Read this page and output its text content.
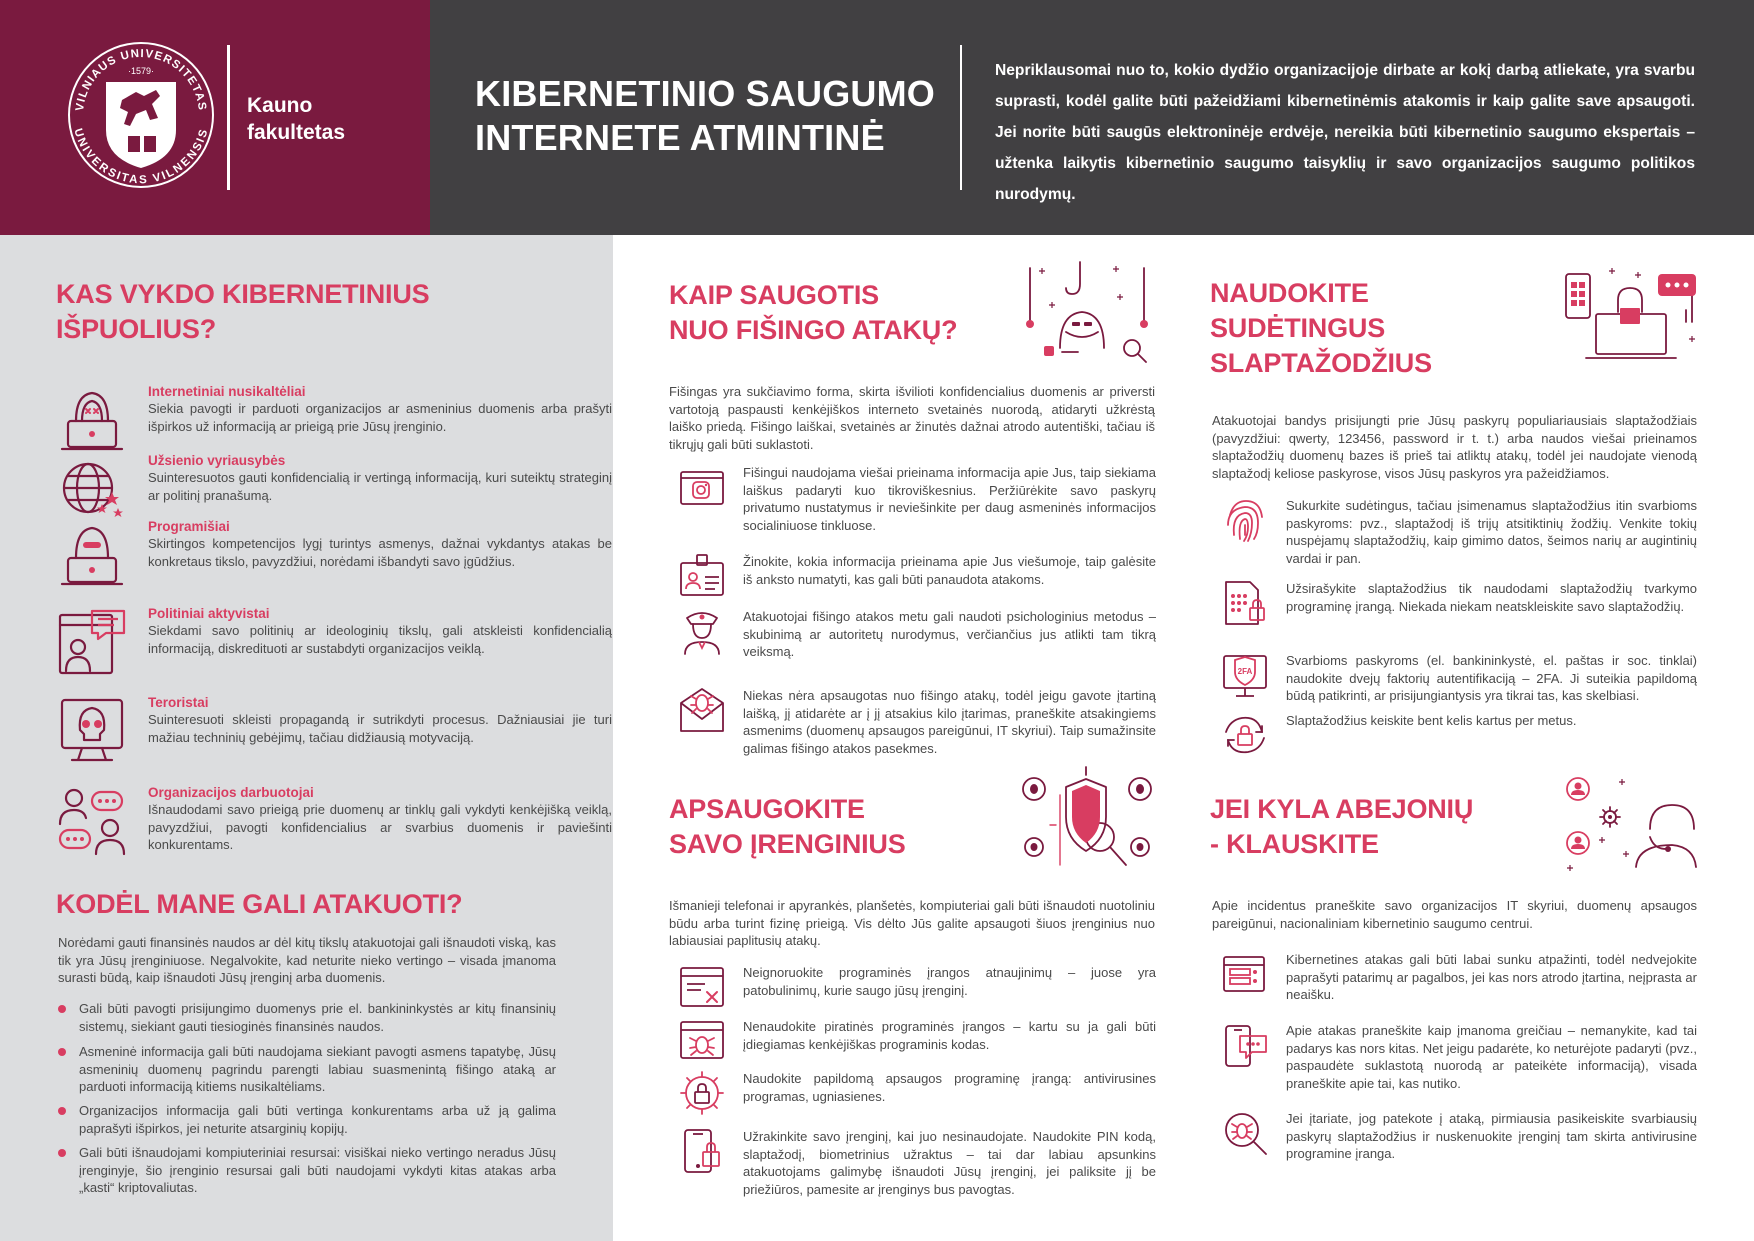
VILNIAUS UNIVERSITETAS
UNIVERSITAS VILNENSIS
·1579·
Kauno
fakultetas
KIBERNETINIO SAUGUMO
INTERNETE ATMINTINĖ
Nepriklausomai nuo to, kokio dydžio organizacijoje dirbate ar kokį darbą atliekate, yra svarbu suprasti, kodėl galite būti pažeidžiami kibernetinėmis atakomis ir kaip galite save apsaugoti. Jei norite būti saugūs elektroninėje erdvėje, nereikia būti kibernetinio saugumo ekspertais – užtenka laikytis kibernetinio saugumo taisyklių ir savo organizacijos saugumo politikos nurodymų.
KAS VYKDO KIBERNETINIUS
IŠPUOLIUS?
Internetiniai nusikaltėliai
Siekia pavogti ir parduoti organizacijos ar asmeninius duomenis arba prašyti išpirkos už informaciją ar prieigą prie Jūsų įrenginio.
Užsienio vyriausybės
Suinteresuotos gauti konfidencialią ir vertingą informaciją, kuri suteiktų strateginį ar politinį pranašumą.
Programišiai
Skirtingos kompetencijos lygį turintys asmenys, dažnai vykdantys atakas be konkretaus tikslo, pavyzdžiui, norėdami išbandyti savo įgūdžius.
Politiniai aktyvistai
Siekdami savo politinių ar ideologinių tikslų, gali atskleisti konfidencialią informaciją, diskredituoti ar sustabdyti organizacijos veiklą.
Teroristai
Suinteresuoti skleisti propagandą ir sutrikdyti procesus. Dažniausiai jie turi mažiau techninių gebėjimų, tačiau didžiausią motyvaciją.
Organizacijos darbuotojai
Išnaudodami savo prieigą prie duomenų ar tinklų gali vykdyti kenkėjišką veiklą, pavyzdžiui, pavogti konfidencialius ar svarbius duomenis ir paviešinti konkurentams.
KODĖL MANE GALI ATAKUOTI?
Norėdami gauti finansinės naudos ar dėl kitų tikslų atakuotojai gali išnaudoti viską, kas tik yra Jūsų įrenginiuose. Negalvokite, kad neturite nieko vertingo – visada įmanoma surasti būdą, kaip išnaudoti Jūsų įrenginį arba duomenis.
Gali būti pavogti prisijungimo duomenys prie el. bankininkystės ar kitų finansinių sistemų, siekiant gauti tiesioginės finansinės naudos.
Asmeninė informacija gali būti naudojama siekiant pavogti asmens tapatybę, Jūsų asmeninių duomenų pagrindu parengti labiau suasmenintą fišingo ataką ar parduoti informaciją kitiems nusikaltėliams.
Organizacijos informacija gali būti vertinga konkurentams arba už ją galima paprašyti išpirkos, jei neturite atsarginių kopijų.
Gali būti išnaudojami kompiuteriniai resursai: visiškai nieko vertingo neradus Jūsų įrenginyje, šio įrenginio resursai gali būti naudojami vykdyti kitas atakas arba „kasti“ kriptovaliutas.
KAIP SAUGOTIS
NUO FIŠINGO ATAKŲ?
Fišingas yra sukčiavimo forma, skirta išvilioti konfidencialius duomenis ar priversti vartotoją paspausti kenkėjiškos interneto svetainės nuorodą, atidaryti užkrėstą laiško priedą. Fišingo laiškai, svetainės ar žinutės dažnai atrodo autentiški, tačiau iš tikrųjų gali būti suklastoti.
Fišingui naudojama viešai prieinama informacija apie Jus, taip siekiama laiškus padaryti kuo tikroviškesnius. Peržiūrėkite savo paskyrų privatumo nustatymus ir neviešinkite per daug asmeninės informacijos socialiniuose tinkluose.
Žinokite, kokia informacija prieinama apie Jus viešumoje, taip galėsite iš anksto numatyti, kas gali būti panaudota atakoms.
Atakuotojai fišingo atakos metu gali naudoti psichologinius metodus – skubinimą ar autoritetų nurodymus, verčiančius jus atlikti tam tikrą veiksmą.
Niekas nėra apsaugotas nuo fišingo atakų, todėl jeigu gavote įtartiną laišką, jį atidarėte ar į jį atsakius kilo įtarimas, praneškite atsakingiems asmenims (duomenų apsaugos pareigūnui, IT skyriui). Taip sumažinsite galimas fišingo atakos pasekmes.
APSAUGOKITE
SAVO ĮRENGINIUS
Išmanieji telefonai ir apyrankės, planšetės, kompiuteriai gali būti išnaudoti nuotoliniu būdu arba turint fizinę prieigą. Vis dėlto Jūs galite apsaugoti šiuos įrenginius nuo labiausiai paplitusių atakų.
Neignoruokite programinės įrangos atnaujinimų – juose yra patobulinimų, kurie saugo jūsų įrenginį.
Nenaudokite piratinės programinės įrangos – kartu su ja gali būti įdiegiamas kenkėjiškas programinis kodas.
Naudokite papildomą apsaugos programinę įrangą: antivirusines programas, ugniasienes.
Užrakinkite savo įrenginį, kai juo nesinaudojate. Naudokite PIN kodą, slaptažodį, biometrinius užraktus – tai dar labiau apsunkins atakuotojams galimybę išnaudoti Jūsų įrenginį, jei paliksite jį be priežiūros, pamesite ar įrenginys bus pavogtas.
NAUDOKITE
SUDĖTINGUS
SLAPTAŽODŽIUS
Atakuotojai bandys prisijungti prie Jūsų paskyrų populiariausiais slaptažodžiais (pavyzdžiui: qwerty, 123456, password ir t. t.) arba naudos viešai prieinamos slaptažodžių duomenų bazes iš prieš tai atliktų atakų, todėl jei naudojate vienodą slaptažodį keliose paskyrose, visos Jūsų paskyros yra pažeidžiamos.
Sukurkite sudėtingus, tačiau įsimenamus slaptažodžius itin svarbioms paskyroms: pvz., slaptažodį iš trijų atsitiktinių žodžių. Venkite tokių nuspėjamų slaptažodžių, kaip gimimo datos, šeimos narių ar augintinių vardai ir pan.
Užsirašykite slaptažodžius tik naudodami slaptažodžių tvarkymo programinę įrangą. Niekada niekam neatskleiskite savo slaptažodžių.
2FA
Svarbioms paskyroms (el. bankininkystė, el. paštas ir soc. tinklai) naudokite dvejų faktorių autentifikaciją – 2FA. Ji suteikia papildomą būdą patikrinti, ar prisijungiantysis yra tikrai tas, kas skelbiasi.
Slaptažodžius keiskite bent kelis kartus per metus.
JEI KYLA ABEJONIŲ
- KLAUSKITE
Apie incidentus praneškite savo organizacijos IT skyriui, duomenų apsaugos pareigūnui, nacionaliniam kibernetinio saugumo centrui.
Kibernetines atakas gali būti labai sunku atpažinti, todėl nedvejokite paprašyti patarimų ar pagalbos, jei kas nors atrodo įtartina, neįprasta ar neaišku.
Apie atakas praneškite kaip įmanoma greičiau – nemanykite, kad tai padarys kas nors kitas. Net jeigu padarėte, ko neturėjote padaryti (pvz., paspaudėte suklastotą nuorodą ar pateikėte informaciją), visada praneškite apie tai, kas nutiko.
Jei įtariate, jog patekote į ataką, pirmiausia pasikeiskite svarbiausių paskyrų slaptažodžius ir nuskenuokite įrenginį tam skirta antivirusine programine įranga.
